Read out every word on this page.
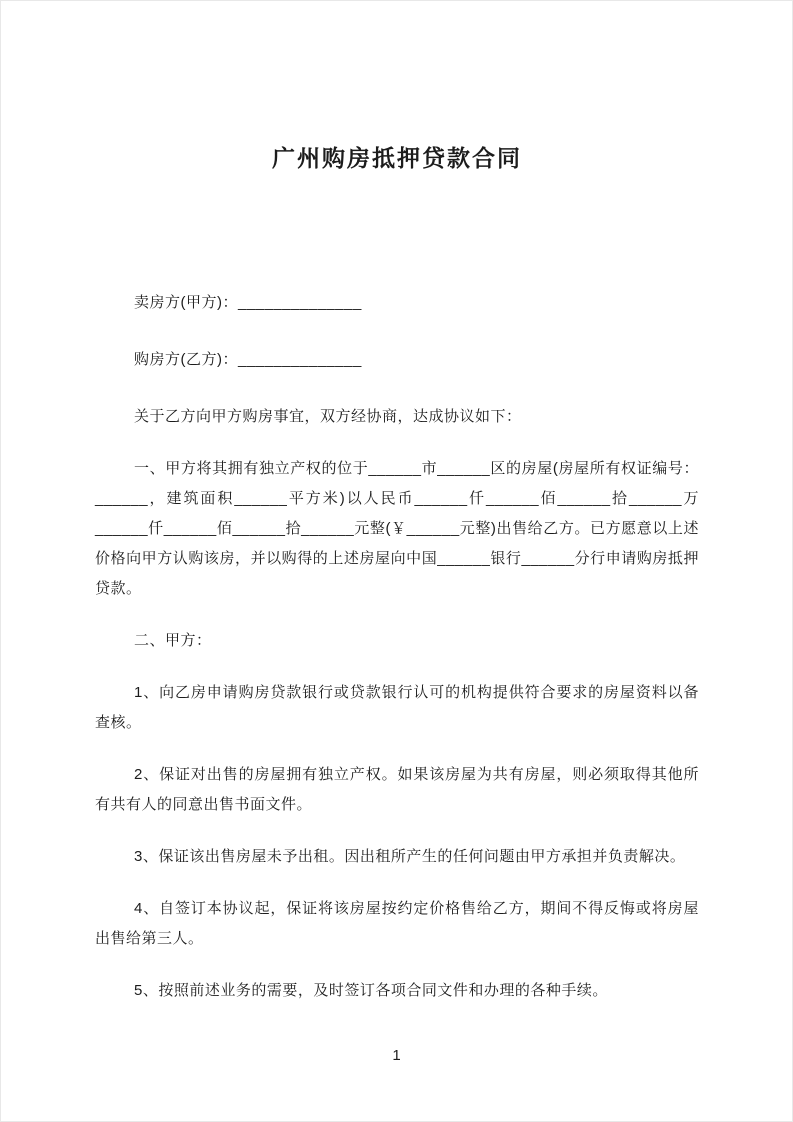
广州购房抵押贷款合同

卖房方(甲方)：______________

购房方(乙方)：______________

关于乙方向甲方购房事宜，双方经协商，达成协议如下：

一、甲方将其拥有独立产权的位于______市______区的房屋(房屋所有权证编号： ______，建筑面积______平方米)以人民币______仟______佰______拾______万______仟______佰______拾______元整(￥______元整)出售给乙方。已方愿意以上述价格向甲方认购该房，并以购得的上述房屋向中国______银行______分行申请购房抵押贷款。

二、甲方：

1、向乙房申请购房贷款银行或贷款银行认可的机构提供符合要求的房屋资料以备查核。

2、保证对出售的房屋拥有独立产权。如果该房屋为共有房屋，则必须取得其他所有共有人的同意出售书面文件。

3、保证该出售房屋未予出租。因出租所产生的任何问题由甲方承担并负责解决。

4、自签订本协议起，保证将该房屋按约定价格售给乙方，期间不得反悔或将房屋出售给第三人。

5、按照前述业务的需要，及时签订各项合同文件和办理的各种手续。

1
